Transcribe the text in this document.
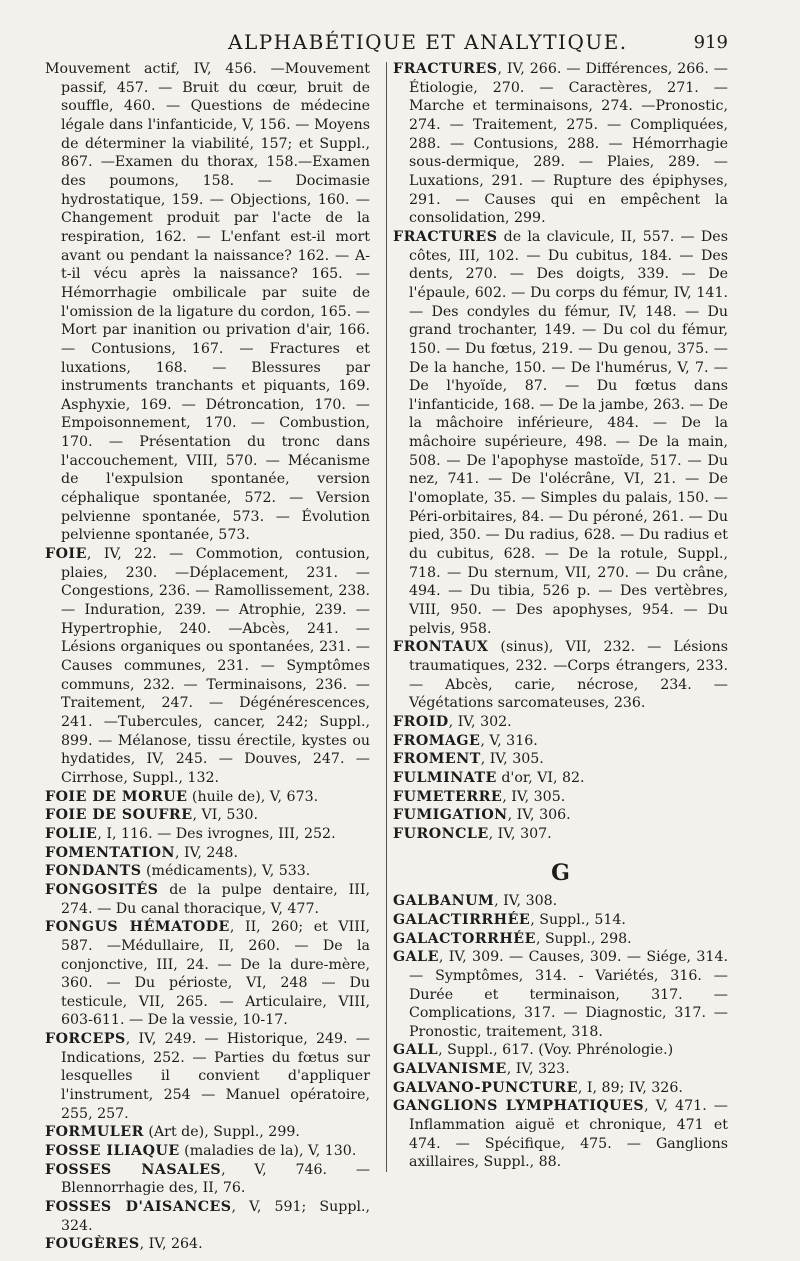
ALPHABÉTIQUE ET ANALYTIQUE.	919

Mouvement actif, IV, 456. —Mouvement passif, 457. — Bruit du cœur, bruit de souffle, 460. — Questions de médecine légale dans l'infanticide, V, 156. — Moyens de déterminer la viabilité, 157; et Suppl., 867. —Examen du thorax, 158.—Examen des poumons, 158. — Docimasie hydrostatique, 159. — Objections, 160. — Changement produit par l'acte de la respiration, 162. — L'enfant est-il mort avant ou pendant la naissance? 162. — A-t-il vécu après la naissance? 165. —Hémorrhagie ombilicale par suite de l'omission de la ligature du cordon, 165. —Mort par inanition ou privation d'air, 166. — Contusions, 167. — Fractures et luxations, 168. — Blessures par instruments tranchants et piquants, 169. Asphyxie, 169. — Détroncation, 170. — Empoisonnement, 170. — Combustion, 170. — Présentation du tronc dans l'accouchement, VIII, 570. — Mécanisme de l'expulsion spontanée, version céphalique spontanée, 572. — Version pelvienne spontanée, 573. — Évolution pelvienne spontanée, 573.

FOIE, IV, 22. — Commotion, contusion, plaies, 230. —Déplacement, 231. — Congestions, 236. — Ramollissement, 238. — Induration, 239. — Atrophie, 239. — Hypertrophie, 240. —Abcès, 241. — Lésions organiques ou spontanées, 231. — Causes communes, 231. — Symptômes communs, 232. — Terminaisons, 236. — Traitement, 247. — Dégénérescences, 241. —Tubercules, cancer, 242; Suppl., 899. — Mélanose, tissu érectile, kystes ou hydatides, IV, 245. — Douves, 247. —Cirrhose, Suppl., 132.

FOIE DE MORUE (huile de), V, 673.

FOIE DE SOUFRE, VI, 530.

FOLIE, I, 116. — Des ivrognes, III, 252.

FOMENTATION, IV, 248.

FONDANTS (médicaments), V, 533.

FONGOSITÉS de la pulpe dentaire, III, 274. — Du canal thoracique, V, 477.

FONGUS HÉMATODE, II, 260; et VIII, 587. —Médullaire, II, 260. — De la conjonctive, III, 24. — De la dure-mère, 360. — Du périoste, VI, 248 — Du testicule, VII, 265. — Articulaire, VIII, 603-611. — De la vessie, 10-17.

FORCEPS, IV, 249. — Historique, 249. — Indications, 252. — Parties du fœtus sur lesquelles il convient d'appliquer l'instrument, 254 — Manuel opératoire, 255, 257.

FORMULER (Art de), Suppl., 299.

FOSSE ILIAQUE (maladies de la), V, 130.

FOSSES NASALES, V, 746. — Blennorrhagie des, II, 76.

FOSSES D'AISANCES, V, 591; Suppl., 324.

FOUGÈRES, IV, 264.

FRACTURES, IV, 266. — Différences, 266. — Étiologie, 270. — Caractères, 271. — Marche et terminaisons, 274. —Pronostic, 274. — Traitement, 275. — Compliquées, 288. — Contusions, 288. — Hémorrhagie sous-dermique, 289. — Plaies, 289. — Luxations, 291. — Rupture des épiphyses, 291. — Causes qui en empêchent la consolidation, 299.

FRACTURES de la clavicule, II, 557. — Des côtes, III, 102. — Du cubitus, 184. — Des dents, 270. — Des doigts, 339. — De l'épaule, 602. — Du corps du fémur, IV, 141. — Des condyles du fémur, IV, 148. — Du grand trochanter, 149. — Du col du fémur, 150. — Du fœtus, 219. — Du genou, 375. — De la hanche, 150. — De l'humérus, V, 7. — De l'hyoïde, 87. — Du fœtus dans l'infanticide, 168. — De la jambe, 263. — De la mâchoire inférieure, 484. — De la mâchoire supérieure, 498. — De la main, 508. — De l'apophyse mastoïde, 517. — Du nez, 741. — De l'olécrâne, VI, 21. — De l'omoplate, 35. — Simples du palais, 150. — Péri-orbitaires, 84. — Du péroné, 261. — Du pied, 350. — Du radius, 628. — Du radius et du cubitus, 628. — De la rotule, Suppl., 718. — Du sternum, VII, 270. — Du crâne, 494. — Du tibia, 526 p. — Des vertèbres, VIII, 950. — Des apophyses, 954. — Du pelvis, 958.

FRONTAUX (sinus), VII, 232. — Lésions traumatiques, 232. —Corps étrangers, 233. — Abcès, carie, nécrose, 234. — Végétations sarcomateuses, 236.

FROID, IV, 302.

FROMAGE, V, 316.

FROMENT, IV, 305.

FULMINATE d'or, VI, 82.

FUMETERRE, IV, 305.

FUMIGATION, IV, 306.

FURONCLE, IV, 307.

G

GALBANUM, IV, 308.

GALACTIRRHÉE, Suppl., 514.

GALACTORRHÉE, Suppl., 298.

GALE, IV, 309. — Causes, 309. — Siége, 314. — Symptômes, 314. - Variétés, 316. — Durée et terminaison, 317. — Complications, 317. — Diagnostic, 317. — Pronostic, traitement, 318.

GALL, Suppl., 617. (Voy. Phrénologie.)

GALVANISME, IV, 323.

GALVANO-PUNCTURE, I, 89; IV, 326.

GANGLIONS LYMPHATIQUES, V, 471. — Inflammation aiguë et chronique, 471 et 474. — Spécifique, 475. — Ganglions axillaires, Suppl., 88.
